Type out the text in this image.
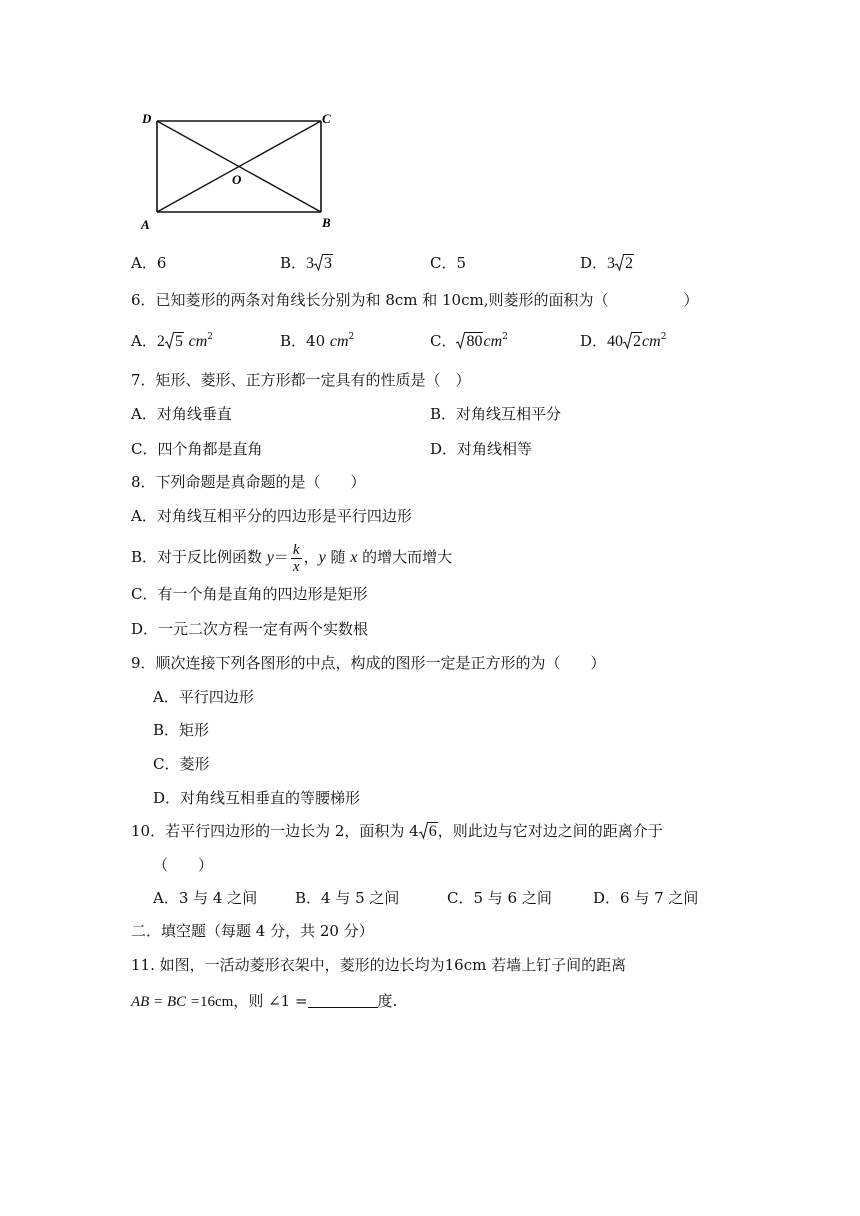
D	C
O
A	B
A．6	B．3 3	C．5	D．3 2
6．已知菱形的两条对角线长分别为和 8cm 和 10cm,则菱形的面积为（　　　　　）
A．2 5 $cm^2$	B．40 $cm^2$	C． $80cm^2$	D．40 $2cm^2$
7．矩形、菱形、正方形都一定具有的性质是（　）
A．对角线垂直	B．对角线互相平分
C．四个角都是直角	D．对角线相等
8．下列命题是真命题的是（　　）
A．对角线互相平分的四边形是平行四边形
B．对于反比例函数 $y= \frac{k}{x}$ ，y 随 x 的增大而增大
C．有一个角是直角的四边形是矩形
D．一元二次方程一定有两个实数根
9．顺次连接下列各图形的中点，构成的图形一定是正方形的为（　　）
A．平行四边形
B．矩形
C．菱形
D．对角线互相垂直的等腰梯形
10．若平行四边形的一边长为 2，面积为 4 6，则此边与它对边之间的距离介于
（　　）
A．3 与 4 之间	B．4 与 5 之间	C．5 与 6 之间	D．6 与 7 之间
二．填空题（每题 4 分，共 20 分）
11. 如图，一活动菱形衣架中，菱形的边长均为16cm 若墙上钉子间的距离
AB = BC =16cm，则 ∠1 =	度.
